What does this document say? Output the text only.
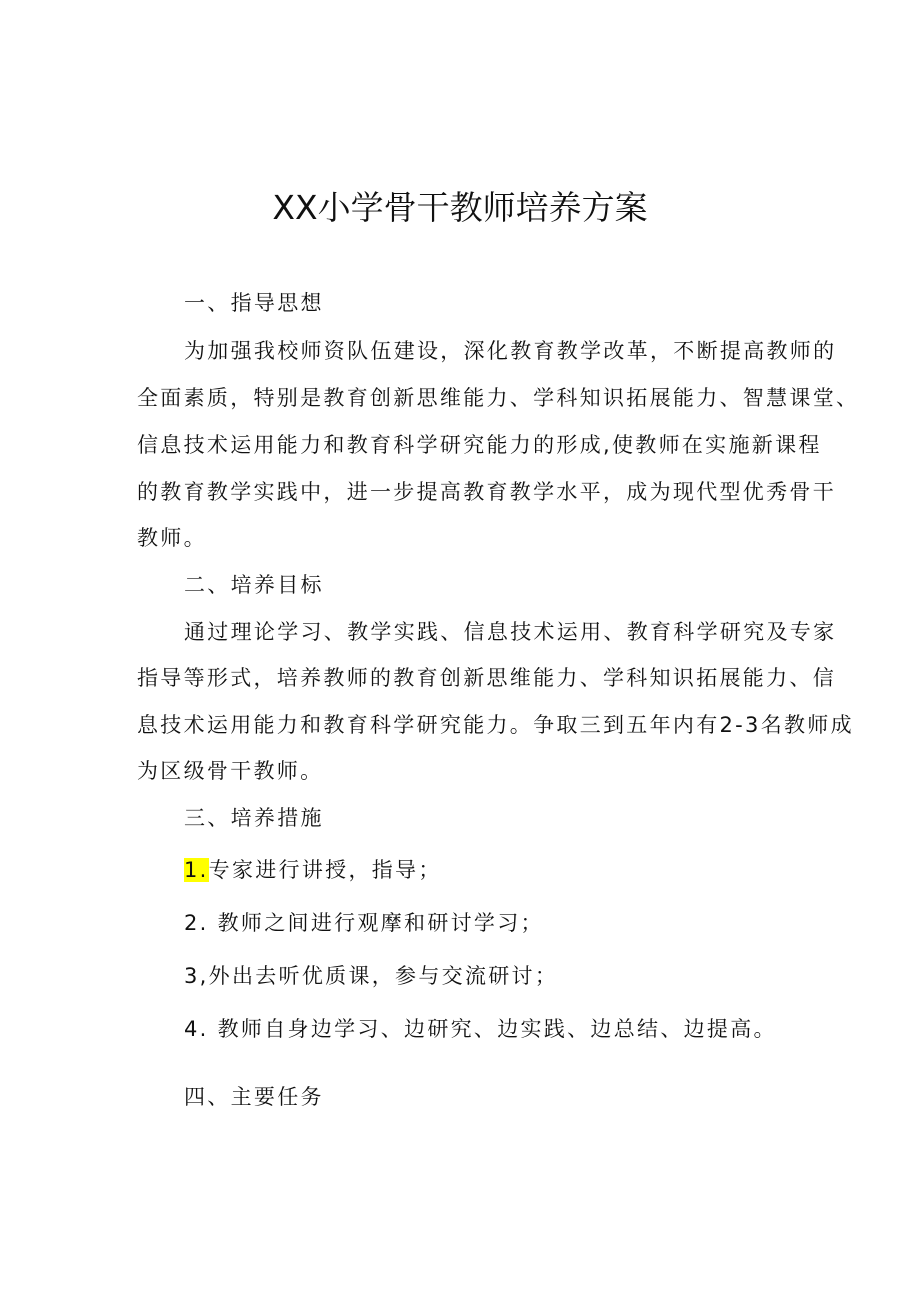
XX小学骨干教师培养方案
一、指导思想
为加强我校师资队伍建设，深化教育教学改革，不断提高教师的
全面素质，特别是教育创新思维能力、学科知识拓展能力、智慧课堂、
信息技术运用能力和教育科学研究能力的形成,使教师在实施新课程
的教育教学实践中，进一步提高教育教学水平，成为现代型优秀骨干
教师。
二、培养目标
通过理论学习、教学实践、信息技术运用、教育科学研究及专家
指导等形式，培养教师的教育创新思维能力、学科知识拓展能力、信
息技术运用能力和教育科学研究能力。争取三到五年内有2-3名教师成
为区级骨干教师。
三、培养措施
1.专家进行讲授，指导；
2. 教师之间进行观摩和研讨学习；
3,外出去听优质课，参与交流研讨；
4. 教师自身边学习、边研究、边实践、边总结、边提高。
四、主要任务
